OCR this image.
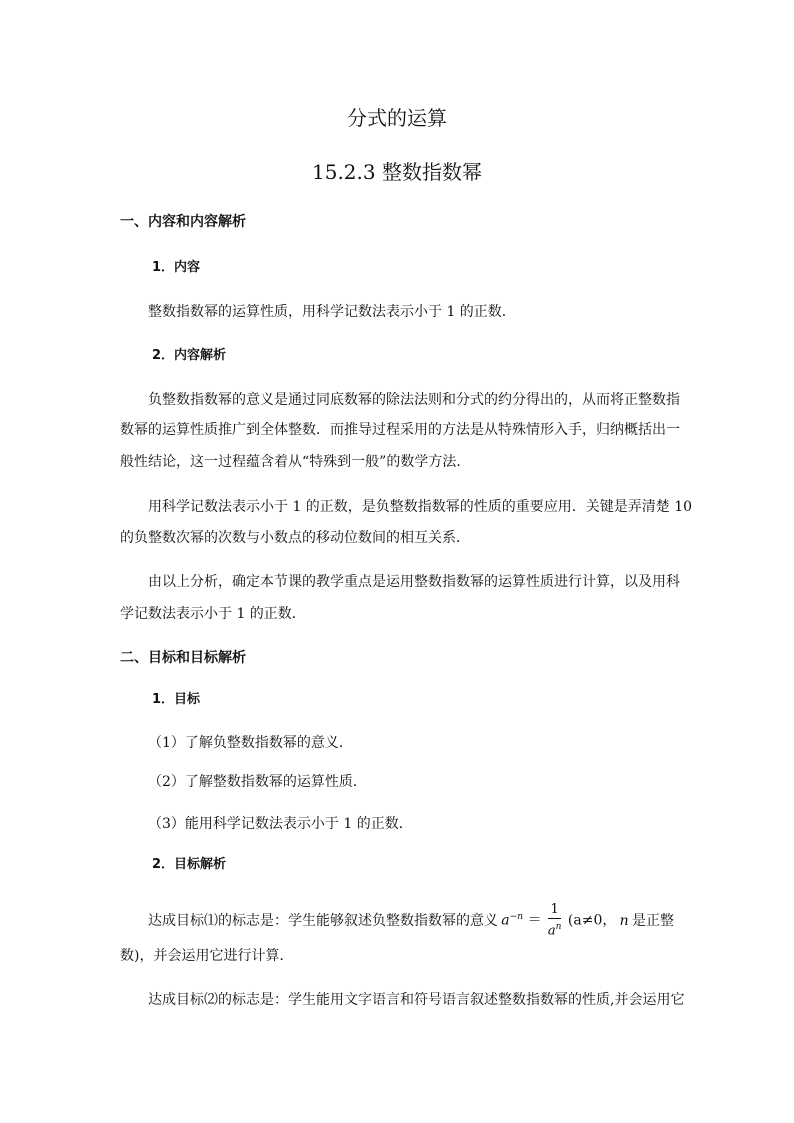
分式的运算
15.2.3 整数指数幂
一、内容和内容解析
1．内容
整数指数幂的运算性质，用科学记数法表示小于 1 的正数．
2．内容解析
负整数指数幂的意义是通过同底数幂的除法法则和分式的约分得出的，从而将正整数指
数幂的运算性质推广到全体整数．而推导过程采用的方法是从特殊情形入手，归纳概括出一
般性结论，这一过程蕴含着从“特殊到一般”的数学方法．
用科学记数法表示小于 1 的正数，是负整数指数幂的性质的重要应用．关键是弄清楚 10
的负整数次幂的次数与小数点的移动位数间的相互关系．
由以上分析，确定本节课的教学重点是运用整数指数幂的运算性质进行计算，以及用科
学记数法表示小于 1 的正数．
二、目标和目标解析
1．目标
（1）了解负整数指数幂的意义．
（2）了解整数指数幂的运算性质．
（3）能用科学记数法表示小于 1 的正数．
2．目标解析
达成目标⑴的标志是：学生能够叙述负整数指数幂的意义 $a^{-n} = \frac{1}{a^n} (a\ne 0$， n 是正整
数)，并会运用它进行计算．
达成目标⑵的标志是：学生能用文字语言和符号语言叙述整数指数幂的性质,并会运用它
